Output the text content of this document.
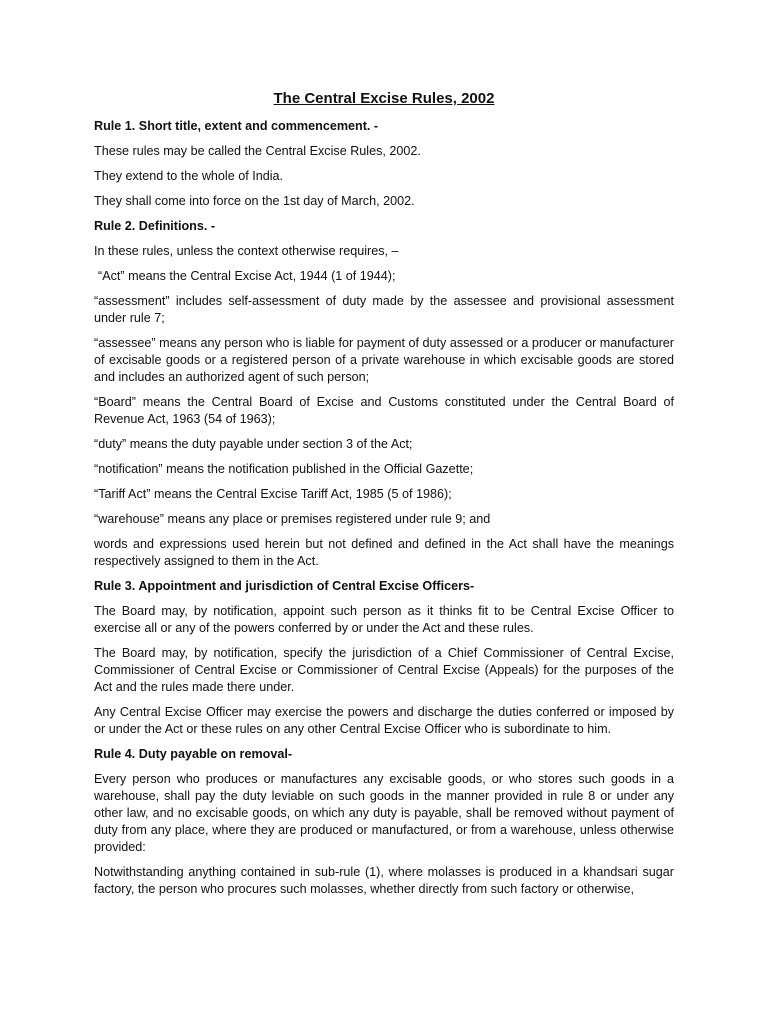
The Central Excise Rules, 2002
Rule 1. Short title, extent and commencement. -
These rules may be called the Central Excise Rules, 2002.
They extend to the whole of India.
They shall come into force on the 1st day of March, 2002.
Rule 2. Definitions. -
In these rules, unless the context otherwise requires, –
“Act” means the Central Excise Act, 1944 (1 of 1944);
“assessment” includes self-assessment of duty made by the assessee and provisional assessment under rule 7;
“assessee” means any person who is liable for payment of duty assessed or a producer or manufacturer of excisable goods or a registered person of a private warehouse in which excisable goods are stored and includes an authorized agent of such person;
“Board” means the Central Board of Excise and Customs constituted under the Central Board of Revenue Act, 1963 (54 of 1963);
“duty” means the duty payable under section 3 of the Act;
“notification” means the notification published in the Official Gazette;
“Tariff Act” means the Central Excise Tariff Act, 1985 (5 of 1986);
“warehouse” means any place or premises registered under rule 9; and
words and expressions used herein but not defined and defined in the Act shall have the meanings respectively assigned to them in the Act.
Rule 3. Appointment and jurisdiction of Central Excise Officers-
The Board may, by notification, appoint such person as it thinks fit to be Central Excise Officer to exercise all or any of the powers conferred by or under the Act and these rules.
The Board may, by notification, specify the jurisdiction of a Chief Commissioner of Central Excise, Commissioner of Central Excise or Commissioner of Central Excise (Appeals) for the purposes of the Act and the rules made there under.
Any Central Excise Officer may exercise the powers and discharge the duties conferred or imposed by or under the Act or these rules on any other Central Excise Officer who is subordinate to him.
Rule 4. Duty payable on removal-
Every person who produces or manufactures any excisable goods, or who stores such goods in a warehouse, shall pay the duty leviable on such goods in the manner provided in rule 8 or under any other law, and no excisable goods, on which any duty is payable, shall be removed without payment of duty from any place, where they are produced or manufactured, or from a warehouse, unless otherwise provided:
Notwithstanding anything contained in sub-rule (1), where molasses is produced in a khandsari sugar factory, the person who procures such molasses, whether directly from such factory or otherwise,
